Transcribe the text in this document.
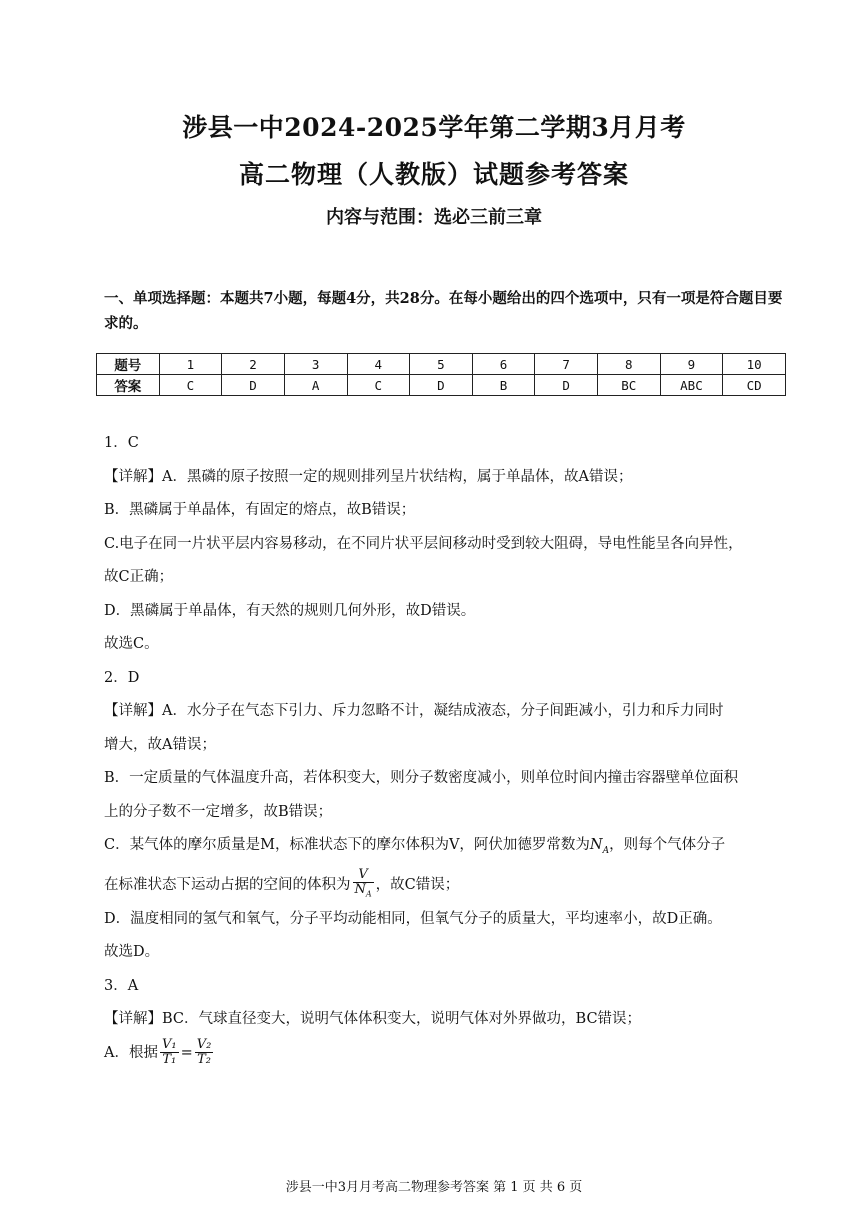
涉县一中2024-2025学年第二学期3月月考
高二物理（人教版）试题参考答案
内容与范围：选必三前三章
一、单项选择题：本题共7小题，每题4分，共28分。在每小题给出的四个选项中，只有一项是符合题目要求的。
题号	1	2	3	4	5	6	7	8	9	10
答案	C	D	A	C	D	B	D	BC	ABC	CD

1．C

【详解】A．黑磷的原子按照一定的规则排列呈片状结构，属于单晶体，故A错误；

B．黑磷属于单晶体，有固定的熔点，故B错误；

C.电子在同一片状平层内容易移动，在不同片状平层间移动时受到较大阻碍，导电性能呈各向异性，

故C正确；

D．黑磷属于单晶体，有天然的规则几何外形，故D错误。

故选C。

2．D

【详解】A．水分子在气态下引力、斥力忽略不计，凝结成液态，分子间距减小，引力和斥力同时

增大，故A错误；

B．一定质量的气体温度升高，若体积变大，则分子数密度减小，则单位时间内撞击容器壁单位面积

上的分子数不一定增多，故B错误；

C．某气体的摩尔质量是M，标准状态下的摩尔体积为V，阿伏加德罗常数为$N_A$，则每个气体分子

在标准状态下运动占据的空间的体积为 $\frac{V}{N_A}$ ，故C错误；

D．温度相同的氢气和氧气，分子平均动能相同，但氧气分子的质量大，平均速率小，故D正确。

故选D。

3．A

【详解】BC．气球直径变大，说明气体体积变大，说明气体对外界做功，BC错误；

A．根据 $\frac{\text{V₁}}{\text{T₁}} = \frac{\text{V₂}}{\text{T₂}}$

涉县一中3月月考高二物理参考答案 第 1 页 共 6 页
